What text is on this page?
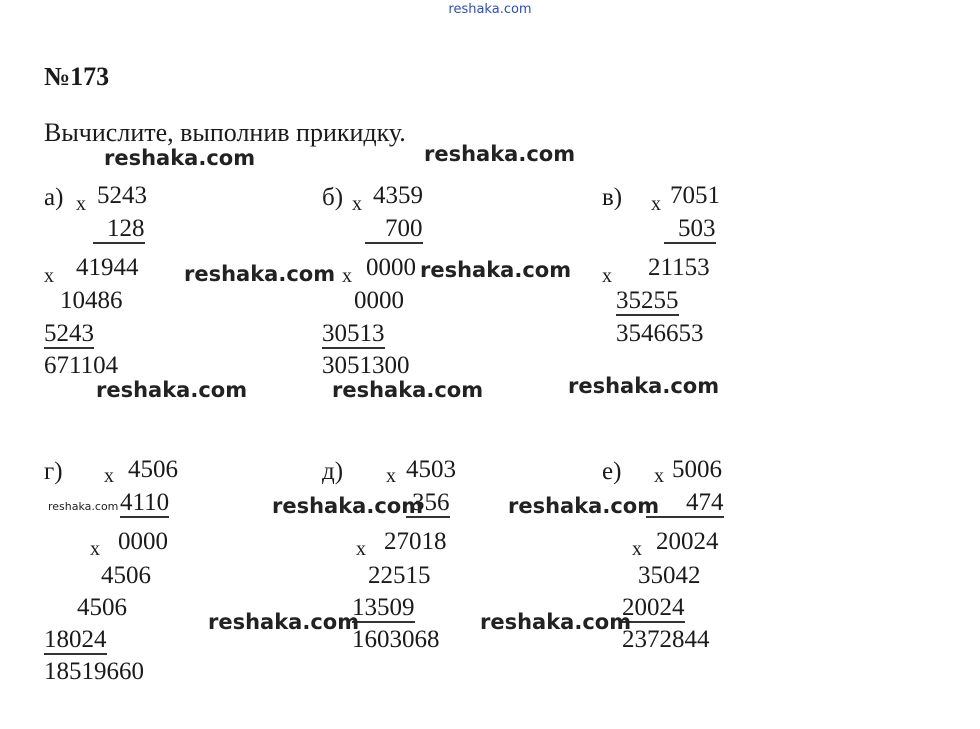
reshaka.com
№173
Вычислите, выполнив прикидку.
а) х 5243
128
х 41944
10486
5243
671104
б) х 4359
700
х 0000
0000
30513
3051300
в) х 7051
503
х 21153
35255
3546653
г) х 4506
4110
х 0000
4506
4506
18024
18519660
д) х 4503
356
х 27018
22515
13509
1603068
е) х 5006
474
х 20024
35042
20024
2372844
reshaka.com	reshaka.com
reshaka.com	reshaka.com
reshaka.com	reshaka.com	reshaka.com
reshaka.com	reshaka.com	reshaka.com
reshaka.com	reshaka.com
